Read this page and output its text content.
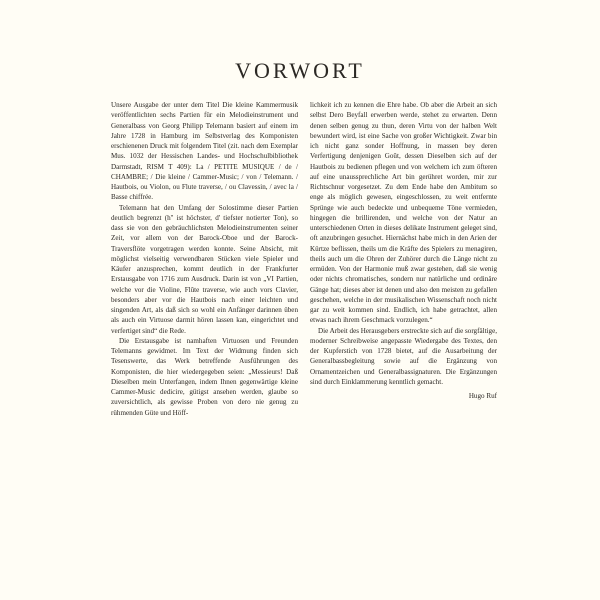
VORWORT

Unsere Ausgabe der unter dem Titel Die kleine Kammermusik veröffentlichten sechs Partien für ein Melodieinstrument und Generalbass von Georg Philipp Telemann basiert auf einem im Jahre 1728 in Hamburg im Selbstverlag des Komponisten erschienenen Druck mit folgendem Titel (zit. nach dem Exemplar Mus. 1032 der Hessischen Landes- und Hochschulbibliothek Darmstadt, RISM T 409): La / PETITE MUSIQUE / de / CHAMBRE; / Die kleine / Cammer-Music; / von / Telemann. / Hautbois, ou Violon, ou Flute traverse, / ou Clavessin, / avec la / Basse chiffrée.

Telemann hat den Umfang der Solostimme dieser Partien deutlich begrenzt (h'' ist höchster, d' tiefster notierter Ton), so dass sie von den gebräuchlichsten Melodieinstrumenten seiner Zeit, vor allem von der Barock-Oboe und der Barock-Traversflöte vorgetragen werden konnte. Seine Absicht, mit möglichst vielseitig verwendbaren Stücken viele Spieler und Käufer anzusprechen, kommt deutlich in der Frankfurter Erstausgabe von 1716 zum Ausdruck. Darin ist von „VI Partien, welche vor die Violine, Flûte traverse, wie auch vors Clavier, besonders aber vor die Hautbois nach einer leichten und singenden Art, als daß sich so wohl ein Anfänger darinnen üben als auch ein Virtuose darmit hören lassen kan, eingerichtet und verfertiget sind“ die Rede.

Die Erstausgabe ist namhaften Virtuosen und Freunden Telemanns gewidmet. Im Text der Widmung finden sich Tesenswerte, das Werk betreffende Ausführungen des Komponisten, die hier wiedergegeben seien: „Messieurs! Daß Dieselben mein Unterfangen, indem Ihnen gegenwärtige kleine Cammer-Music dedicire, gütigst ansehen werden, glaube so zuversichtlich, als gewisse Proben von dero nie genug zu rühmenden Güte und Höff-

lichkeit ich zu kennen die Ehre habe. Ob aber die Arbeit an sich selbst Dero Beyfall erwerben werde, stehet zu erwarten. Denn denen selben genug zu thun, deren Virtu von der halben Welt bewundert wird, ist eine Sache von großer Wichtigkeit. Zwar bin ich nicht ganz sonder Hoffnung, in massen bey deren Verfertigung denjenigen Goût, dessen Dieselben sich auf der Hautbois zu bedienen pflegen und von welchem ich zum öfteren auf eine unaussprechliche Art bin gerühret worden, mir zur Richtschnur vorgesetzet. Zu dem Ende habe den Ambitum so enge als möglich gewesen, eingeschlossen, zu weit entfernte Sprünge wie auch bedeckte und unbequeme Töne vermieden, hingegen die brillirenden, und welche von der Natur an unterschiedenen Orten in dieses delikate Instrument geleget sind, oft anzubringen gesuchet. Hiernächst habe mich in den Arien der Kürtze beflissen, theils um die Kräfte des Spielers zu menagiren, theils auch um die Ohren der Zuhörer durch die Länge nicht zu ermüden. Von der Harmonie muß zwar gestehen, daß sie wenig oder nichts chromatisches, sondern nur natürliche und ordinäre Gänge hat; dieses aber ist denen und also den meisten zu gefallen geschehen, welche in der musikalischen Wissenschaft noch nicht gar zu weit kommen sind. Endlich, ich habe getrachtet, allen etwas nach ihrem Geschmack vorzulegen.“

Die Arbeit des Herausgebers erstreckte sich auf die sorgfältige, moderner Schreibweise angepasste Wiedergabe des Textes, den der Kupferstich von 1728 bietet, auf die Ausarbeitung der Generalbassbegleitung sowie auf die Ergänzung von Ornamentzeichen und Generalbassignaturen. Die Ergänzungen sind durch Einklammerung kenntlich gemacht.

Hugo Ruf
